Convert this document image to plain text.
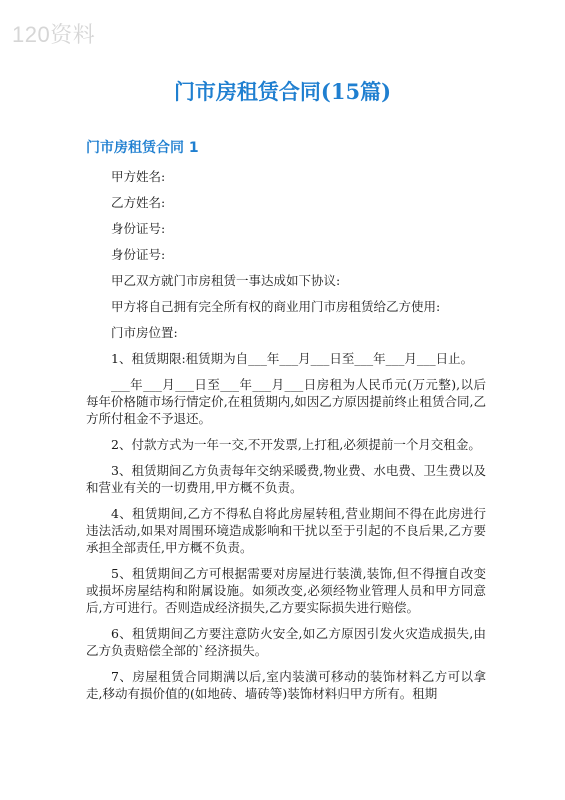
120资料
门市房租赁合同(15篇)
门市房租赁合同 1

甲方姓名:

乙方姓名:

身份证号:

身份证号:

甲乙双方就门市房租赁一事达成如下协议:

甲方将自己拥有完全所有权的商业用门市房租赁给乙方使用:

门市房位置:

1、租赁期限:租赁期为自___年___月___日至___年___月___日止。

___年___月___日至___年___月___日房租为人民币元(万元整),以后每年价格随市场行情定价,在租赁期内,如因乙方原因提前终止租赁合同,乙方所付租金不予退还。

2、付款方式为一年一交,不开发票,上打租,必须提前一个月交租金。

3、租赁期间乙方负责每年交纳采暖费,物业费、水电费、卫生费以及和营业有关的一切费用,甲方概不负责。

4、租赁期间,乙方不得私自将此房屋转租,营业期间不得在此房进行违法活动,如果对周围环境造成影响和干扰以至于引起的不良后果,乙方要承担全部责任,甲方概不负责。

5、租赁期间乙方可根据需要对房屋进行装潢,装饰,但不得擅自改变或损坏房屋结构和附属设施。如须改变,必须经物业管理人员和甲方同意后,方可进行。否则造成经济损失,乙方要实际损失进行赔偿。

6、租赁期间乙方要注意防火安全,如乙方原因引发火灾造成损失,由乙方负责赔偿全部的`经济损失。

7、房屋租赁合同期满以后,室内装潢可移动的装饰材料乙方可以拿走,移动有损价值的(如地砖、墙砖等)装饰材料归甲方所有。租期
